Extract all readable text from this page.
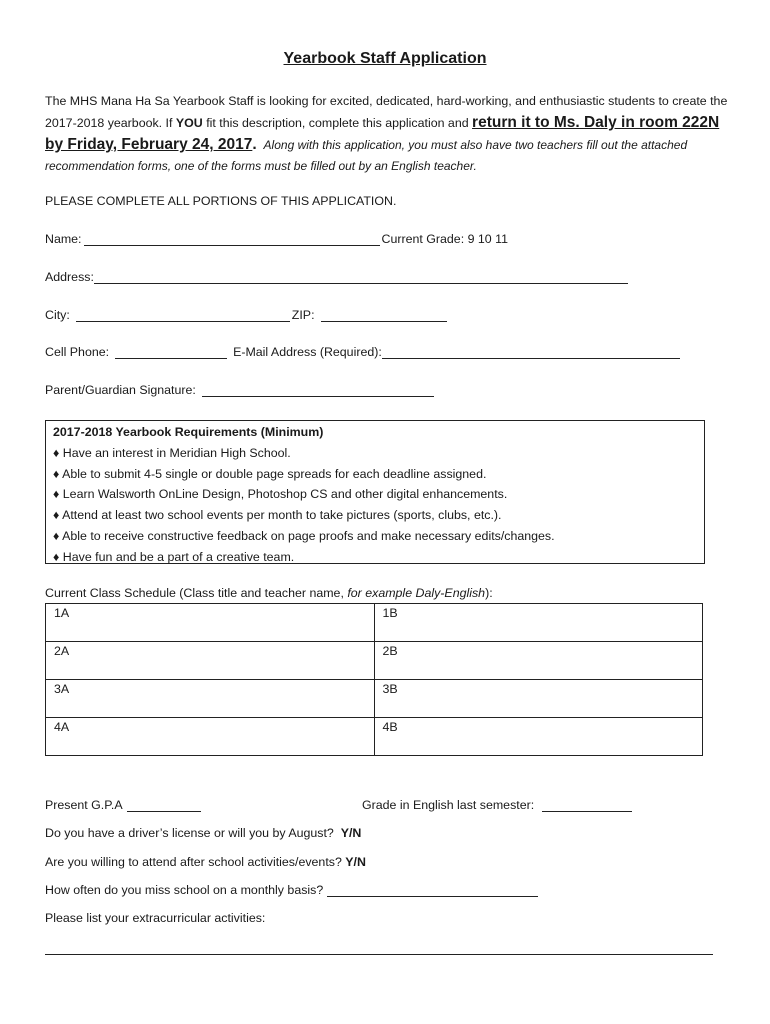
Yearbook Staff Application

The MHS Mana Ha Sa Yearbook Staff is looking for excited, dedicated, hard-working, and enthusiastic students to create the 2017-2018 yearbook. If YOU fit this description, complete this application and return it to Ms. Daly in room 222N by Friday, February 24, 2017. Along with this application, you must also have two teachers fill out the attached recommendation forms, one of the forms must be filled out by an English teacher.

PLEASE COMPLETE ALL PORTIONS OF THIS APPLICATION.
Name:	Current Grade: 9 10 11
Address:
City:	ZIP:
Cell Phone:	E-Mail Address (Required):
Parent/Guardian Signature:
2017-2018 Yearbook Requirements (Minimum)
♦ Have an interest in Meridian High School.
♦ Able to submit 4-5 single or double page spreads for each deadline assigned.
♦ Learn Walsworth OnLine Design, Photoshop CS and other digital enhancements.
♦ Attend at least two school events per month to take pictures (sports, clubs, etc.).
♦ Able to receive constructive feedback on page proofs and make necessary edits/changes.
♦ Have fun and be a part of a creative team.
Current Class Schedule (Class title and teacher name, for example Daly-English):
1A	1B
2A	2B
3A	3B
4A	4B
Present G.P.A	Grade in English last semester:
Do you have a driver’s license or will you by August? Y/N
Are you willing to attend after school activities/events? Y/N
How often do you miss school on a monthly basis?
Please list your extracurricular activities:
